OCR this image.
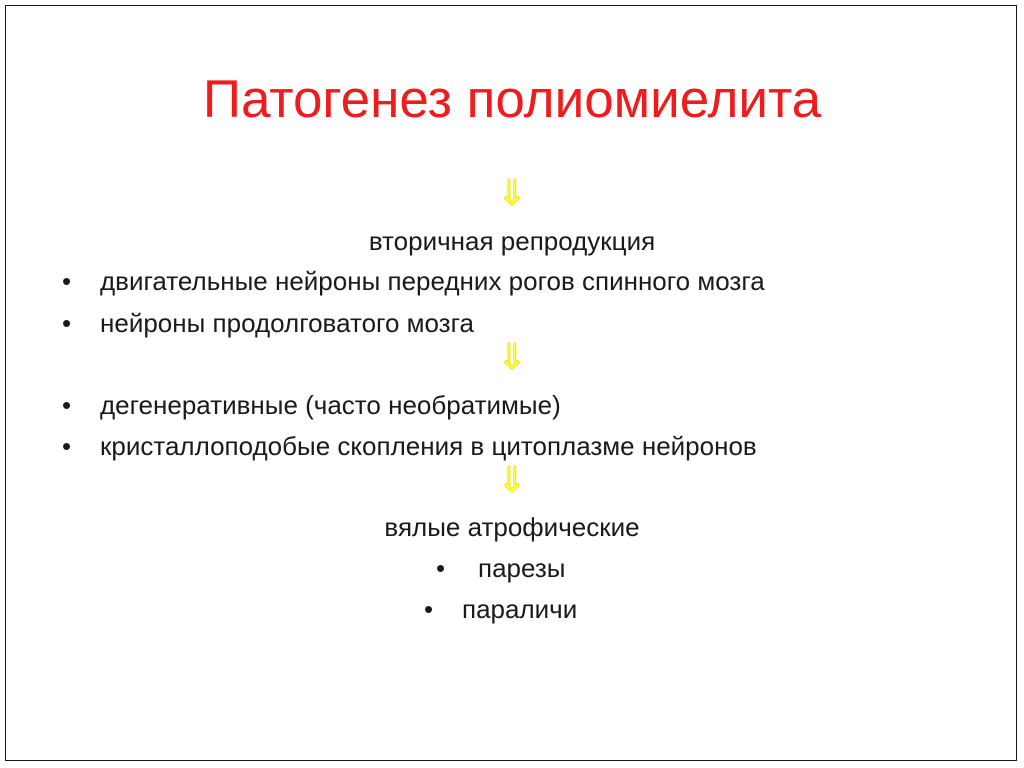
Патогенез полиомиелита
⇓
вторичная репродукция
• двигательные нейроны передних рогов спинного мозга
• нейроны продолговатого мозга
⇓
• дегенеративные (часто необратимые)
• кристаллоподобые скопления в цитоплазме нейронов
⇓
вялые атрофические
• парезы
• параличи
